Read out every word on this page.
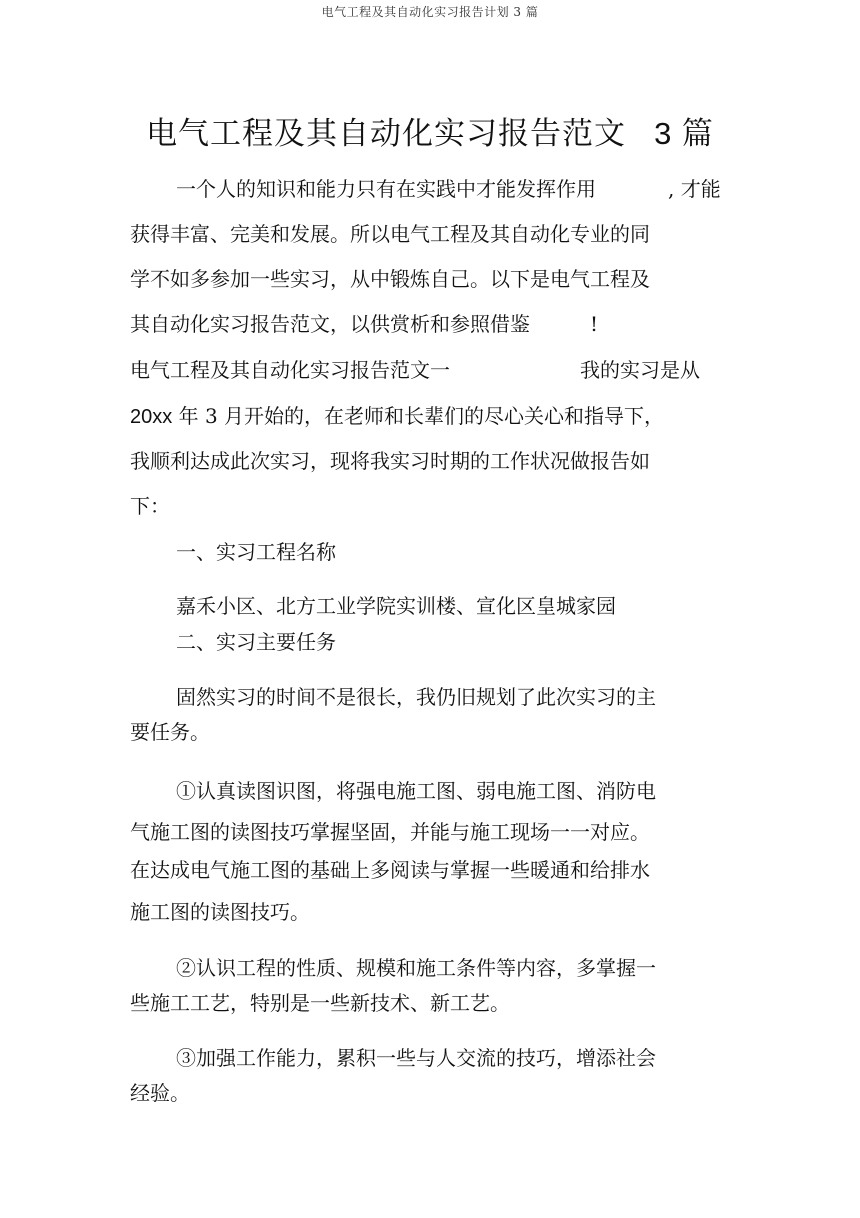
电气工程及其自动化实习报告计划 3 篇
电气工程及其自动化实习报告范文 3 篇
一个人的知识和能力只有在实践中才能发挥作用	, 才能
获得丰富、完美和发展。所以电气工程及其自动化专业的同
学不如多参加一些实习，从中锻炼自己。以下是电气工程及
其自动化实习报告范文，以供赏析和参照借鉴	!
电气工程及其自动化实习报告范文一	我的实习是从
20xx 年 3 月开始的，在老师和长辈们的尽心关心和指导下，
我顺利达成此次实习，现将我实习时期的工作状况做报告如
下：
一、实习工程名称
嘉禾小区、北方工业学院实训楼、宣化区皇城家园
二、实习主要任务
固然实习的时间不是很长，我仍旧规划了此次实习的主
要任务。
①认真读图识图，将强电施工图、弱电施工图、消防电
气施工图的读图技巧掌握坚固，并能与施工现场一一对应。
在达成电气施工图的基础上多阅读与掌握一些暖通和给排水
施工图的读图技巧。
②认识工程的性质、规模和施工条件等内容，多掌握一
些施工工艺，特别是一些新技术、新工艺。
③加强工作能力，累积一些与人交流的技巧，增添社会
经验。
